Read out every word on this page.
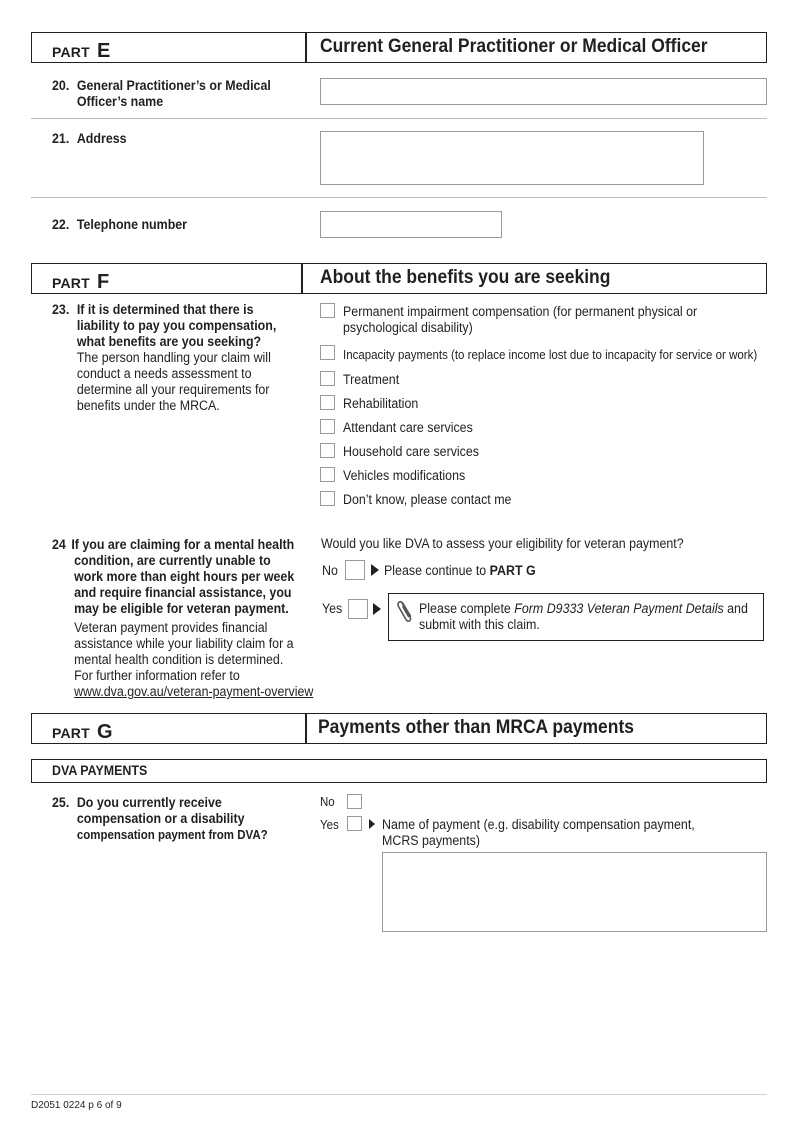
PART E	Current General Practitioner or Medical Officer
20. General Practitioner’s or Medical
Officer’s name
21. Address
22. Telephone number
PART F	About the benefits you are seeking
23. If it is determined that there is
liability to pay you compensation,
what benefits are you seeking?
The person handling your claim will
conduct a needs assessment to
determine all your requirements for
benefits under the MRCA.
Permanent impairment compensation (for permanent physical or
psychological disability)
Incapacity payments (to replace income lost due to incapacity for service or work)
Treatment
Rehabilitation
Attendant care services
Household care services
Vehicles modifications
Don’t know, please contact me
24 If you are claiming for a mental health
condition, are currently unable to
work more than eight hours per week
and require financial assistance, you
may be eligible for veteran payment.
Veteran payment provides financial
assistance while your liability claim for a
mental health condition is determined.
For further information refer to
www.dva.gov.au/veteran-payment-overview
Would you like DVA to assess your eligibility for veteran payment?
No	Please continue to PART G
Yes	Please complete Form D9333 Veteran Payment Details and
submit with this claim.
PART G	Payments other than MRCA payments
DVA PAYMENTS
25. Do you currently receive
compensation or a disability
compensation payment from DVA?
No
Yes	Name of payment (e.g. disability compensation payment,
MCRS payments)
D2051 0224 p 6 of 9
